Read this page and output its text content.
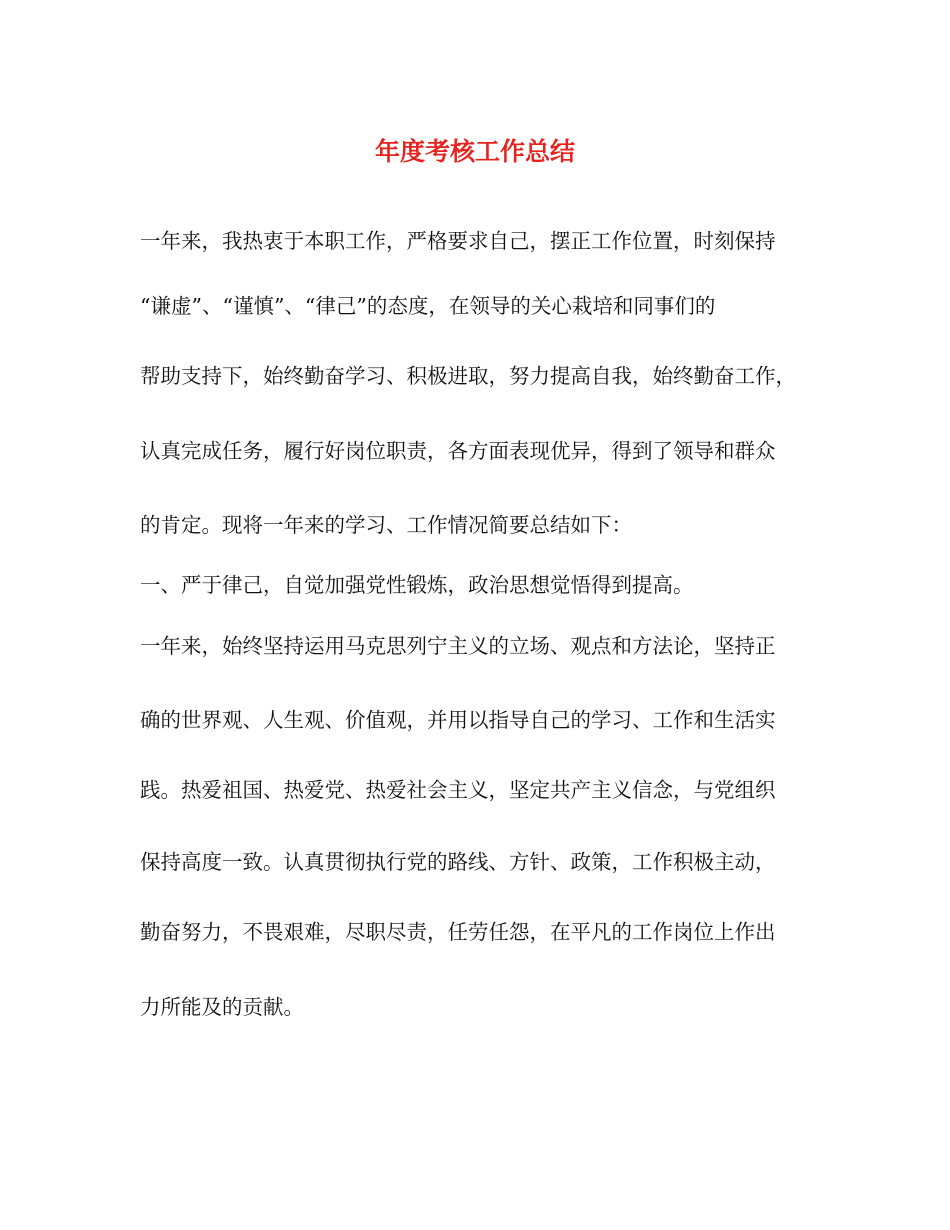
年度考核工作总结
一年来，我热衷于本职工作，严格要求自己，摆正工作位置，时刻保持
“谦虚”、“谨慎”、“律己”的态度，在领导的关心栽培和同事们的
帮助支持下，始终勤奋学习、积极进取，努力提高自我，始终勤奋工作，
认真完成任务，履行好岗位职责，各方面表现优异，得到了领导和群众
的肯定。现将一年来的学习、工作情况简要总结如下：
一、严于律己，自觉加强党性锻炼，政治思想觉悟得到提高。
一年来，始终坚持运用马克思列宁主义的立场、观点和方法论，坚持正
确的世界观、人生观、价值观，并用以指导自己的学习、工作和生活实
践。热爱祖国、热爱党、热爱社会主义，坚定共产主义信念，与党组织
保持高度一致。认真贯彻执行党的路线、方针、政策，工作积极主动，
勤奋努力，不畏艰难，尽职尽责，任劳任怨，在平凡的工作岗位上作出
力所能及的贡献。
